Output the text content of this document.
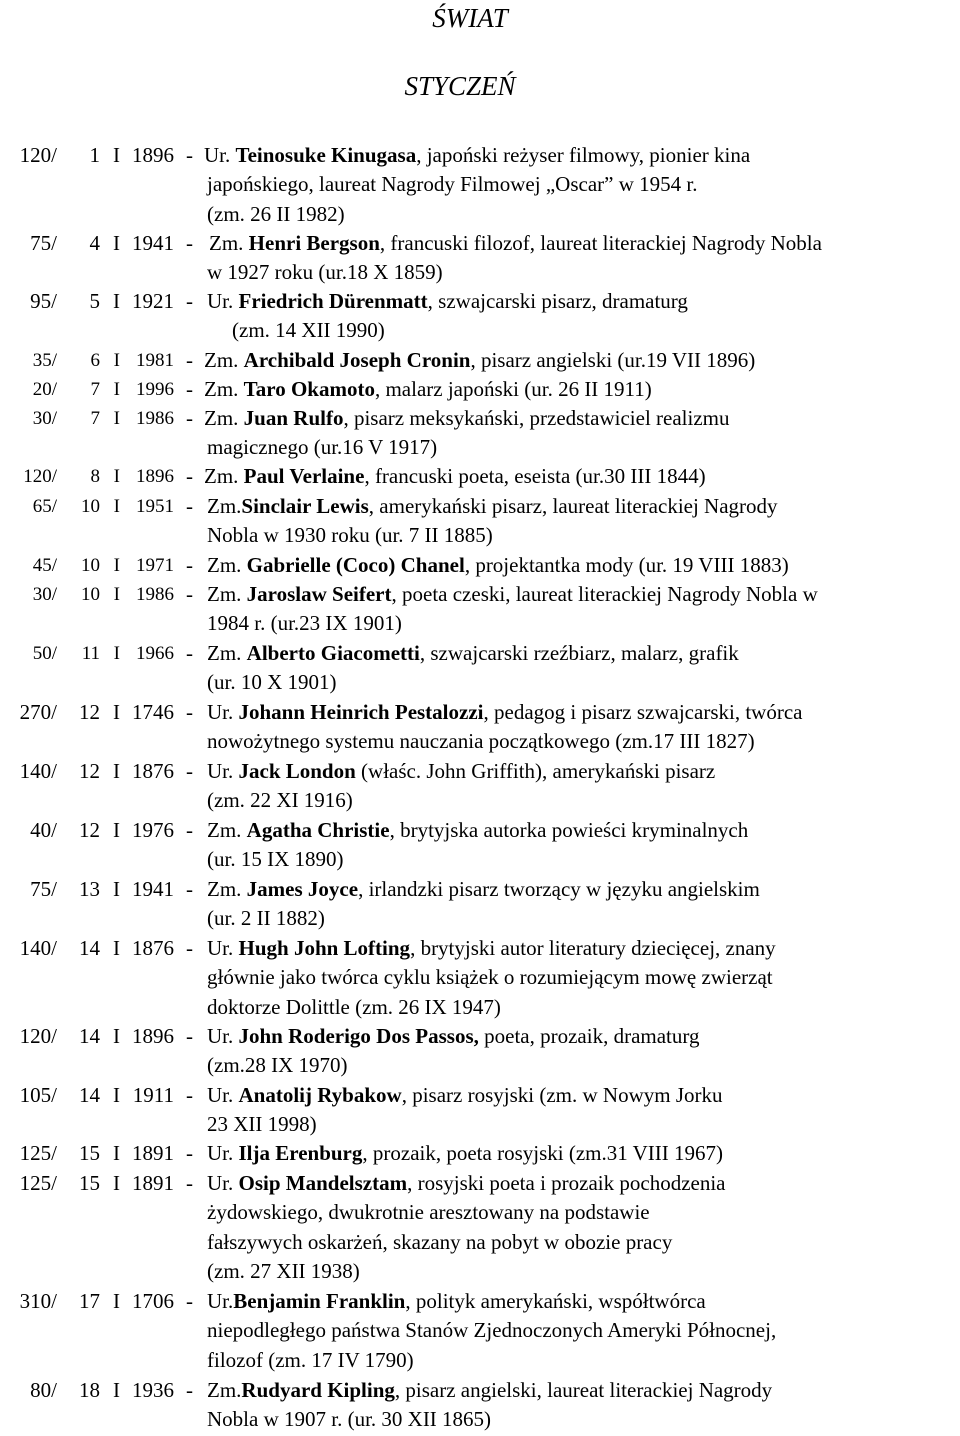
ŚWIAT
STYCZEŃ
120/ 1 I 1896 - Ur. Teinosuke Kinugasa, japoński reżyser filmowy, pionier kina
japońskiego, laureat Nagrody Filmowej „Oscar” w 1954 r.
(zm. 26 II 1982)
75/ 4 I 1941 - Zm. Henri Bergson, francuski filozof, laureat literackiej Nagrody Nobla
w 1927 roku (ur.18 X 1859)
95/ 5 I 1921 - Ur. Friedrich Dürenmatt, szwajcarski pisarz, dramaturg
(zm. 14 XII 1990)
35/ 6 I 1981 - Zm. Archibald Joseph Cronin, pisarz angielski (ur.19 VII 1896)
20/ 7 I 1996 - Zm. Taro Okamoto, malarz japoński (ur. 26 II 1911)
30/ 7 I 1986 - Zm. Juan Rulfo, pisarz meksykański, przedstawiciel realizmu
magicznego (ur.16 V 1917)
120/ 8 I 1896 - Zm. Paul Verlaine, francuski poeta, eseista (ur.30 III 1844)
65/ 10 I 1951 - Zm.Sinclair Lewis, amerykański pisarz, laureat literackiej Nagrody
Nobla w 1930 roku (ur. 7 II 1885)
45/ 10 I 1971 - Zm. Gabrielle (Coco) Chanel, projektantka mody (ur. 19 VIII 1883)
30/ 10 I 1986 - Zm. Jaroslaw Seifert, poeta czeski, laureat literackiej Nagrody Nobla w
1984 r. (ur.23 IX 1901)
50/ 11 I 1966 - Zm. Alberto Giacometti, szwajcarski rzeźbiarz, malarz, grafik
(ur. 10 X 1901)
270/ 12 I 1746 - Ur. Johann Heinrich Pestalozzi, pedagog i pisarz szwajcarski, twórca
nowożytnego systemu nauczania początkowego (zm.17 III 1827)
140/ 12 I 1876 - Ur. Jack London (właśc. John Griffith), amerykański pisarz
(zm. 22 XI 1916)
40/ 12 I 1976 - Zm. Agatha Christie, brytyjska autorka powieści kryminalnych
(ur. 15 IX 1890)
75/ 13 I 1941 - Zm. James Joyce, irlandzki pisarz tworzący w języku angielskim
(ur. 2 II 1882)
140/ 14 I 1876 - Ur. Hugh John Lofting, brytyjski autor literatury dziecięcej, znany
głównie jako twórca cyklu książek o rozumiejącym mowę zwierząt
doktorze Dolittle (zm. 26 IX 1947)
120/ 14 I 1896 - Ur. John Roderigo Dos Passos, poeta, prozaik, dramaturg
(zm.28 IX 1970)
105/ 14 I 1911 - Ur. Anatolij Rybakow, pisarz rosyjski (zm. w Nowym Jorku
23 XII 1998)
125/ 15 I 1891 - Ur. Ilja Erenburg, prozaik, poeta rosyjski (zm.31 VIII 1967)
125/ 15 I 1891 - Ur. Osip Mandelsztam, rosyjski poeta i prozaik pochodzenia
żydowskiego, dwukrotnie aresztowany na podstawie
fałszywych oskarżeń, skazany na pobyt w obozie pracy
(zm. 27 XII 1938)
310/ 17 I 1706 - Ur.Benjamin Franklin, polityk amerykański, współtwórca
niepodległego państwa Stanów Zjednoczonych Ameryki Północnej,
filozof (zm. 17 IV 1790)
80/ 18 I 1936 - Zm.Rudyard Kipling, pisarz angielski, laureat literackiej Nagrody
Nobla w 1907 r. (ur. 30 XII 1865)
